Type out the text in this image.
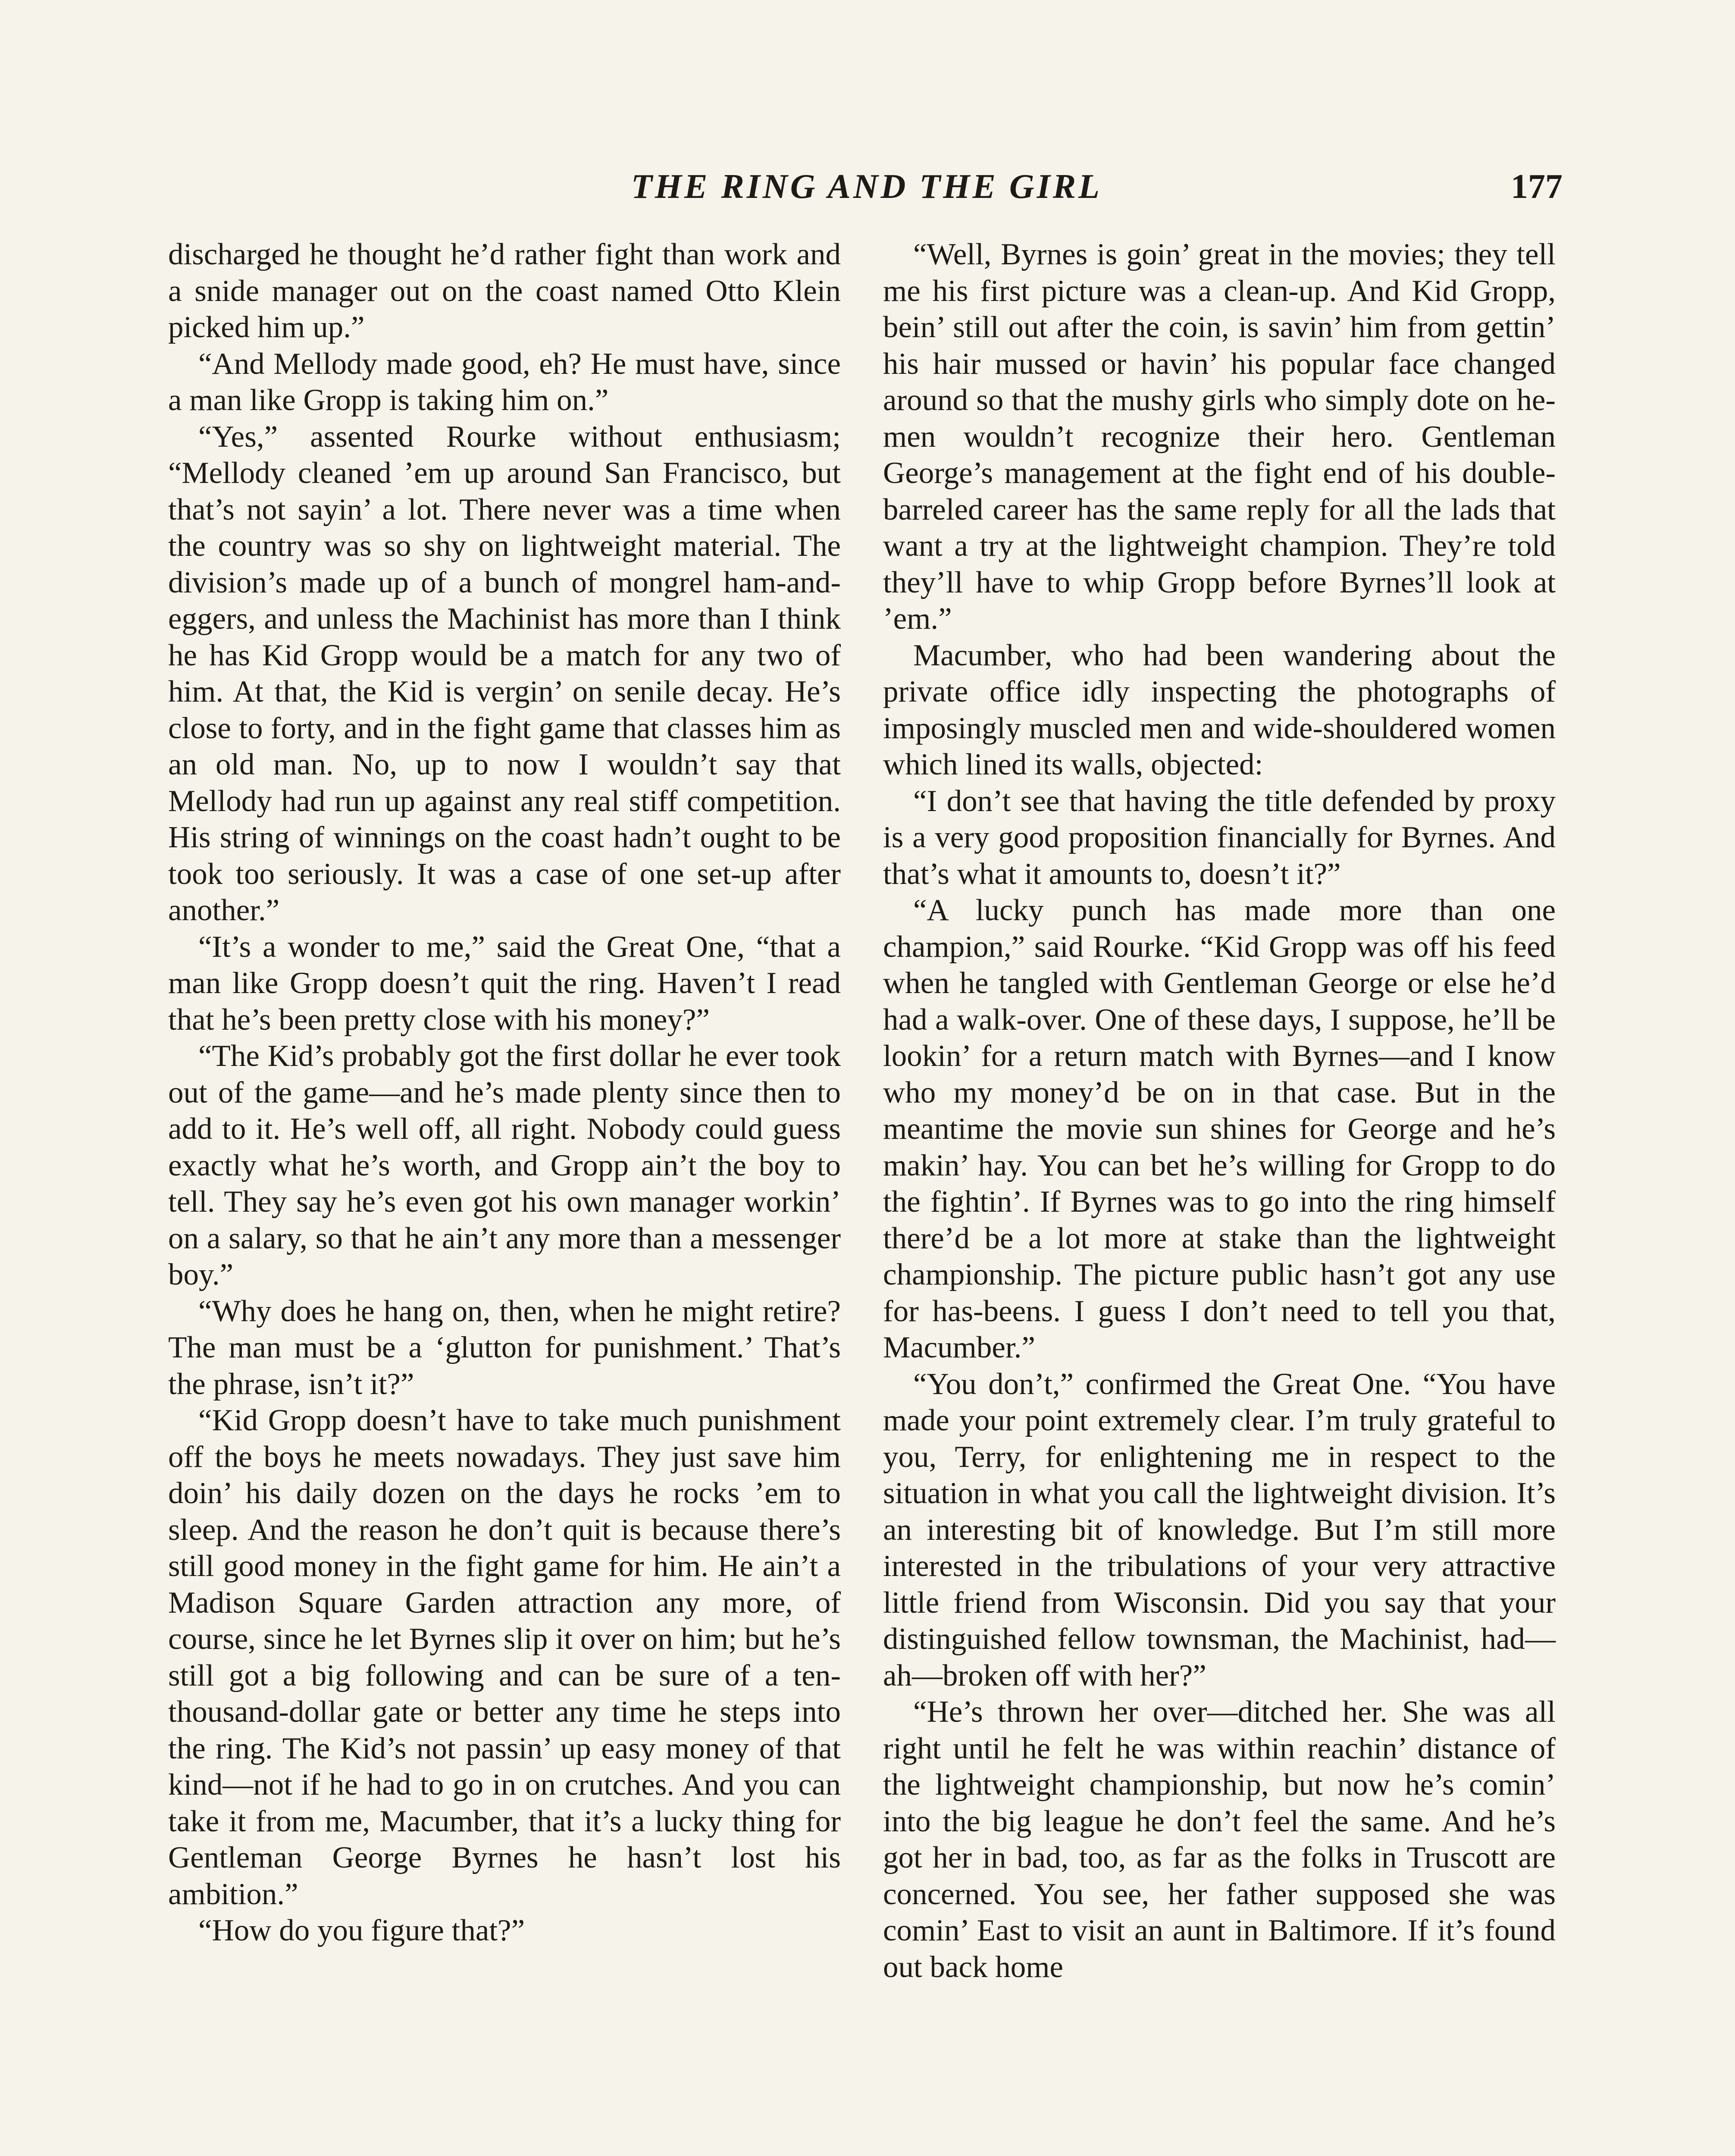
THE RING AND THE GIRL	177

discharged he thought he’d rather fight than work and a snide manager out on the coast named Otto Klein picked him up.”

“And Mellody made good, eh? He must have, since a man like Gropp is taking him on.”

“Yes,” assented Rourke without enthusiasm; “Mellody cleaned ’em up around San Francisco, but that’s not sayin’ a lot. There never was a time when the country was so shy on lightweight material. The division’s made up of a bunch of mongrel ham-and-eggers, and unless the Machinist has more than I think he has Kid Gropp would be a match for any two of him. At that, the Kid is vergin’ on senile decay. He’s close to forty, and in the fight game that classes him as an old man. No, up to now I wouldn’t say that Mellody had run up against any real stiff competition. His string of winnings on the coast hadn’t ought to be took too seriously. It was a case of one set-up after another.”

“It’s a wonder to me,” said the Great One, “that a man like Gropp doesn’t quit the ring. Haven’t I read that he’s been pretty close with his money?”

“The Kid’s probably got the first dollar he ever took out of the game—and he’s made plenty since then to add to it. He’s well off, all right. Nobody could guess exactly what he’s worth, and Gropp ain’t the boy to tell. They say he’s even got his own manager workin’ on a salary, so that he ain’t any more than a messenger boy.”

“Why does he hang on, then, when he might retire? The man must be a ‘glutton for punishment.’ That’s the phrase, isn’t it?”

“Kid Gropp doesn’t have to take much punishment off the boys he meets nowadays. They just save him doin’ his daily dozen on the days he rocks ’em to sleep. And the reason he don’t quit is because there’s still good money in the fight game for him. He ain’t a Madison Square Garden attraction any more, of course, since he let Byrnes slip it over on him; but he’s still got a big following and can be sure of a ten-thousand-dollar gate or better any time he steps into the ring. The Kid’s not passin’ up easy money of that kind—not if he had to go in on crutches. And you can take it from me, Macumber, that it’s a lucky thing for Gentleman George Byrnes he hasn’t lost his ambition.”

“How do you figure that?”

“Well, Byrnes is goin’ great in the movies; they tell me his first picture was a clean-up. And Kid Gropp, bein’ still out after the coin, is savin’ him from gettin’ his hair mussed or havin’ his popular face changed around so that the mushy girls who simply dote on he-men wouldn’t recognize their hero. Gentleman George’s management at the fight end of his double-barreled career has the same reply for all the lads that want a try at the lightweight champion. They’re told they’ll have to whip Gropp before Byrnes’ll look at ’em.”

Macumber, who had been wandering about the private office idly inspecting the photographs of imposingly muscled men and wide-shouldered women which lined its walls, objected:

“I don’t see that having the title defended by proxy is a very good proposition financially for Byrnes. And that’s what it amounts to, doesn’t it?”

“A lucky punch has made more than one champion,” said Rourke. “Kid Gropp was off his feed when he tangled with Gentleman George or else he’d had a walk-over. One of these days, I suppose, he’ll be lookin’ for a return match with Byrnes—and I know who my money’d be on in that case. But in the meantime the movie sun shines for George and he’s makin’ hay. You can bet he’s willing for Gropp to do the fightin’. If Byrnes was to go into the ring himself there’d be a lot more at stake than the lightweight championship. The picture public hasn’t got any use for has-beens. I guess I don’t need to tell you that, Macumber.”

“You don’t,” confirmed the Great One. “You have made your point extremely clear. I’m truly grateful to you, Terry, for enlightening me in respect to the situation in what you call the lightweight division. It’s an interesting bit of knowledge. But I’m still more interested in the tribulations of your very attractive little friend from Wisconsin. Did you say that your distinguished fellow townsman, the Machinist, had—ah—broken off with her?”

“He’s thrown her over—ditched her. She was all right until he felt he was within reachin’ distance of the lightweight championship, but now he’s comin’ into the big league he don’t feel the same. And he’s got her in bad, too, as far as the folks in Truscott are concerned. You see, her father supposed she was comin’ East to visit an aunt in Baltimore. If it’s found out back home
